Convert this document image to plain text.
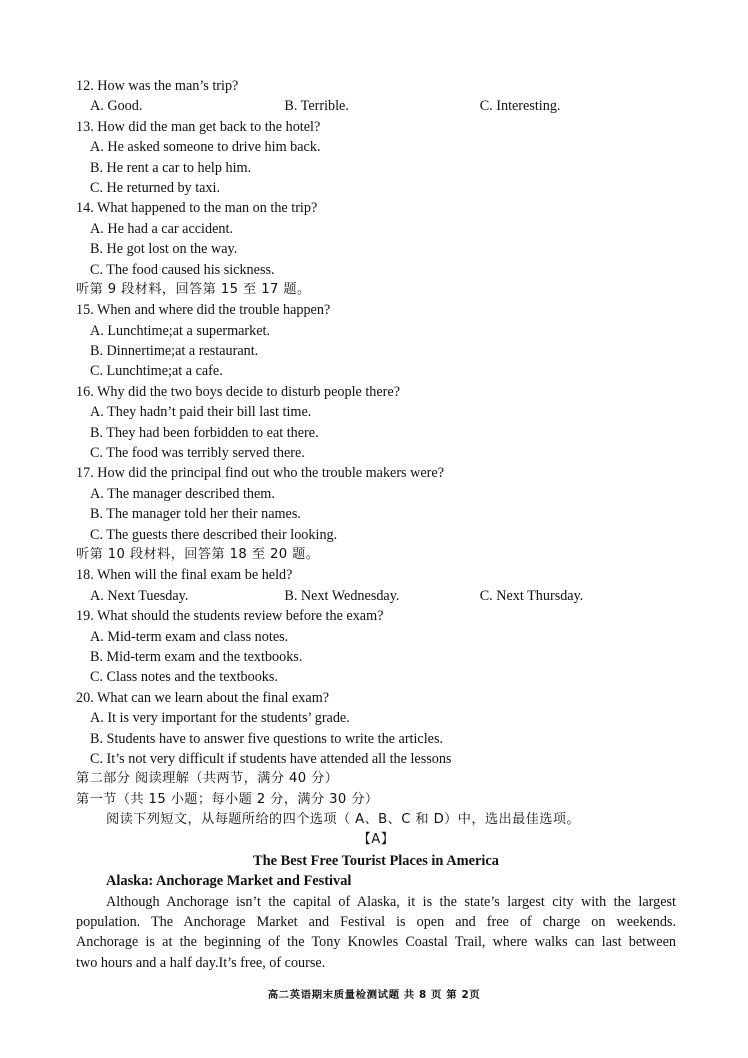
12. How was the man’s trip?
A. Good.	B. Terrible.	C. Interesting.
13. How did the man get back to the hotel?
A. He asked someone to drive him back.
B. He rent a car to help him.
C. He returned by taxi.
14. What happened to the man on the trip?
A. He had a car accident.
B. He got lost on the way.
C. The food caused his sickness.
听第 9 段材料，回答第 15 至 17 题。
15. When and where did the trouble happen?
A. Lunchtime;at a supermarket.
B. Dinnertime;at a restaurant.
C. Lunchtime;at a cafe.
16. Why did the two boys decide to disturb people there?
A. They hadn’t paid their bill last time.
B. They had been forbidden to eat there.
C. The food was terribly served there.
17. How did the principal find out who the trouble makers were?
A. The manager described them.
B. The manager told her their names.
C. The guests there described their looking.
听第 10 段材料，回答第 18 至 20 题。
18. When will the final exam be held?
A. Next Tuesday.	B. Next Wednesday.	C. Next Thursday.
19. What should the students review before the exam?
A. Mid-term exam and class notes.
B. Mid-term exam and the textbooks.
C. Class notes and the textbooks.
20. What can we learn about the final exam?
A. It is very important for the students’ grade.
B. Students have to answer five questions to write the articles.
C. It’s not very difficult if students have attended all the lessons
第二部分 阅读理解（共两节，满分 40 分）
第一节（共 15 小题；每小题 2 分，满分 30 分）
阅读下列短文，从每题所给的四个选项（ A、B、C 和 D）中，选出最佳选项。
【A】
The Best Free Tourist Places in America
Alaska: Anchorage Market and Festival
Although Anchorage isn’t the capital of Alaska, it is the state’s largest city with the largest
population. The Anchorage Market and Festival is open and free of charge on weekends.
Anchorage is at the beginning of the Tony Knowles Coastal Trail, where walks can last between
two hours and a half day.It’s free, of course.
高二英语期末质量检测试题 共 8 页 第 2页
